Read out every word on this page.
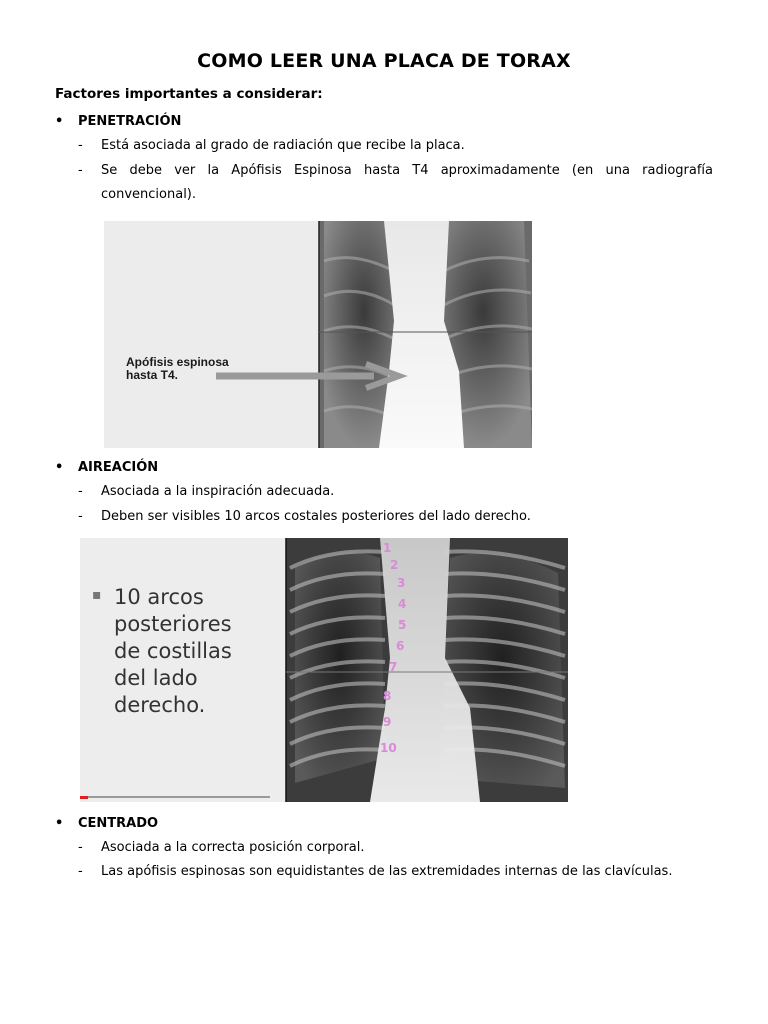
COMO LEER UNA PLACA DE TORAX
Factores importantes a considerar:
• PENETRACIÓN
- Está asociada al grado de radiación que recibe la placa.
- Se debe ver la Apófisis Espinosa hasta T4 aproximadamente (en una radiografía convencional).
Apófisis espinosa
hasta T4.
• AIREACIÓN
- Asociada a la inspiración adecuada.
- Deben ser visibles 10 arcos costales posteriores del lado derecho.
▪ 10 arcos
posteriores
de costillas
del lado
derecho.
1
2
3
4
5
6
7
8
9
10
• CENTRADO
- Asociada a la correcta posición corporal.
- Las apófisis espinosas son equidistantes de las extremidades internas de las clavículas.
